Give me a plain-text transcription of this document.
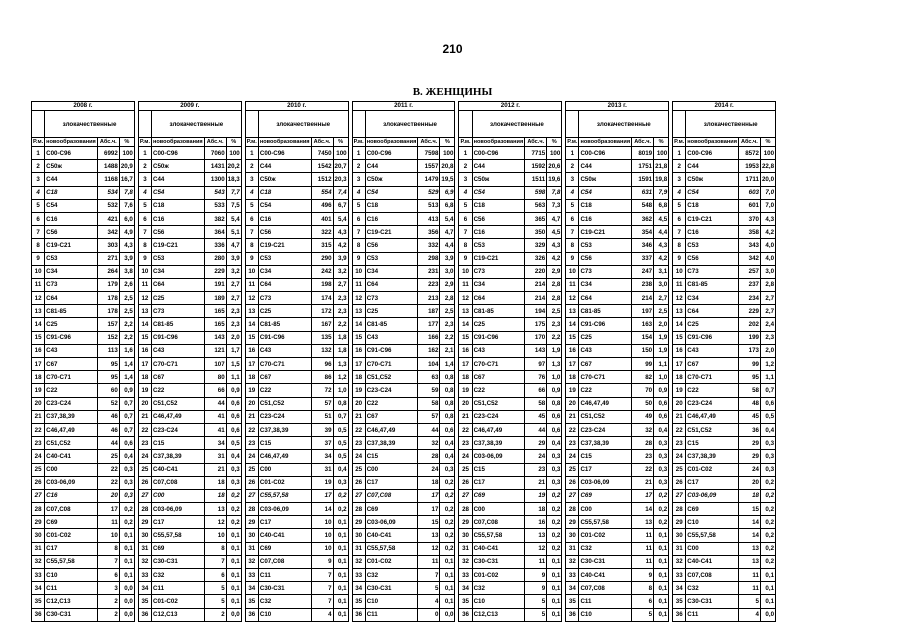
210
В. ЖЕНЩИНЫ
2008 г.					2009 г.					2010 г.					2011 г.					2012 г.					2013 г.					2014 г.			
	злокачественные					злокачественные					злокачественные					злокачественные					злокачественные					злокачественные					злокачественные		
Р.м.	новообразования	Абс.ч.	%		Р.м.	новообразования	Абс.ч.	%		Р.м.	новообразования	Абс.ч.	%		Р.м.	новообразования	Абс.ч.	%		Р.м.	новообразования	Абс.ч.	%		Р.м.	новообразования	Абс.ч.	%		Р.м.	новообразования	Абс.ч.	%
1	C00-C96	6992	100		1	C00-C96	7060	100		1	C00-C96	7450	100		1	C00-C96	7598	100		1	C00-C96	7715	100		1	C00-C96	8019	100		1	C00-C96	8572	100
2	C50ж	1488	20,9		2	C50ж	1431	20,2		2	C44	1542	20,7		2	C44	1557	20,8		2	C44	1592	20,6		2	C44	1751	21,8		2	C44	1953	22,8
3	C44	1168	16,7		3	C44	1300	18,3		3	C50ж	1512	20,3		3	C50ж	1479	19,5		3	C50ж	1511	19,6		3	C50ж	1591	19,8		3	C50ж	1711	20,0
4	C18	534	7,8		4	C54	543	7,7		4	C18	554	7,4		4	C54	529	6,9		4	C54	598	7,8		4	C54	631	7,9		4	C54	603	7,0
5	C54	532	7,6		5	C18	533	7,5		5	C54	496	6,7		5	C18	513	6,8		5	C18	563	7,3		5	C18	548	6,8		5	C18	601	7,0
6	C16	421	6,0		6	C16	382	5,4		6	C16	401	5,4		6	C16	413	5,4		6	C56	365	4,7		6	C16	362	4,5		6	C19-C21	370	4,3
7	C56	342	4,9		7	C56	364	5,1		7	C56	322	4,3		7	C19-C21	356	4,7		7	C16	350	4,5		7	C19-C21	354	4,4		7	C16	358	4,2
8	C19-C21	303	4,3		8	C19-C21	336	4,7		8	C19-C21	315	4,2		8	C56	332	4,4		8	C53	329	4,3		8	C53	346	4,3		8	C53	343	4,0
9	C53	271	3,9		9	C53	280	3,9		9	C53	290	3,9		9	C53	298	3,9		9	C19-C21	326	4,2		9	C56	337	4,2		9	C56	342	4,0
10	C34	264	3,8		10	C34	229	3,2		10	C34	242	3,2		10	C34	231	3,0		10	C73	220	2,9		10	C73	247	3,1		10	C73	257	3,0
11	C73	179	2,6		11	C64	191	2,7		11	C64	198	2,7		11	C64	223	2,9		11	C34	214	2,8		11	C34	238	3,0		11	C81-85	237	2,8
12	C64	178	2,5		12	C25	189	2,7		12	C73	174	2,3		12	C73	213	2,8		12	C64	214	2,8		12	C64	214	2,7		12	C34	234	2,7
13	C81-85	178	2,5		13	C73	165	2,3		13	C25	172	2,3		13	C25	187	2,5		13	C81-85	194	2,5		13	C81-85	197	2,5		13	C64	229	2,7
14	C25	157	2,2		14	C81-85	165	2,3		14	C81-85	167	2,2		14	C81-85	177	2,3		14	C25	175	2,3		14	C91-C96	163	2,0		14	C25	202	2,4
15	C91-C96	152	2,2		15	C91-C96	143	2,0		15	C91-C96	135	1,8		15	C43	166	2,2		15	C91-C96	170	2,2		15	C25	154	1,9		15	C91-C96	199	2,3
16	C43	113	1,6		16	C43	121	1,7		16	C43	132	1,8		16	C91-C96	162	2,1		16	C43	143	1,9		16	C43	150	1,9		16	C43	173	2,0
17	C67	95	1,4		17	C70-C71	107	1,5		17	C70-C71	96	1,3		17	C70-C71	104	1,4		17	C70-C71	97	1,3		17	C67	99	1,1		17	C67	99	1,2
18	C70-C71	95	1,4		18	C67	80	1,1		18	C67	86	1,2		18	C51,C52	63	0,8		18	C67	76	1,0		18	C70-C71	82	1,0		18	C70-C71	95	1,1
19	C22	60	0,9		19	C22	66	0,9		19	C22	72	1,0		19	C23-C24	59	0,8		19	C22	66	0,9		19	C22	70	0,9		19	C22	58	0,7
20	C23-C24	52	0,7		20	C51,C52	44	0,6		20	C51,C52	57	0,8		20	C22	58	0,8		20	C51,C52	58	0,8		20	C46,47,49	50	0,6		20	C23-C24	48	0,6
21	C37,38,39	46	0,7		21	C46,47,49	41	0,6		21	C23-C24	51	0,7		21	C67	57	0,8		21	C23-C24	45	0,6		21	C51,C52	49	0,6		21	C46,47,49	45	0,5
22	C46,47,49	46	0,7		22	C23-C24	41	0,6		22	C37,38,39	39	0,5		22	C46,47,49	44	0,6		22	C46,47,49	44	0,6		22	C23-C24	32	0,4		22	C51,C52	36	0,4
23	C51,C52	44	0,6		23	C15	34	0,5		23	C15	37	0,5		23	C37,38,39	32	0,4		23	C37,38,39	29	0,4		23	C37,38,39	28	0,3		23	C15	29	0,3
24	C40-C41	25	0,4		24	C37,38,39	31	0,4		24	C46,47,49	34	0,5		24	C15	28	0,4		24	C03-06,09	24	0,3		24	C15	23	0,3		24	C37,38,39	29	0,3
25	C00	22	0,3		25	C40-C41	21	0,3		25	C00	31	0,4		25	C00	24	0,3		25	C15	23	0,3		25	C17	22	0,3		25	C01-C02	24	0,3
26	C03-06,09	22	0,3		26	C07,C08	18	0,3		26	C01-C02	19	0,3		26	C17	18	0,2		26	C17	21	0,3		26	C03-06,09	21	0,3		26	C17	20	0,2
27	C16	20	0,3		27	C00	18	0,2		27	C55,57,58	17	0,2		27	C07,C08	17	0,2		27	C69	19	0,2		27	C69	17	0,2		27	C03-06,09	18	0,2
28	C07,C08	17	0,2		28	C03-06,09	13	0,2		28	C03-06,09	14	0,2		28	C69	17	0,2		28	C00	18	0,2		28	C00	14	0,2		28	C69	15	0,2
29	C69	11	0,2		29	C17	12	0,2		29	C17	10	0,1		29	C03-06,09	15	0,2		29	C07,C08	16	0,2		29	C55,57,58	13	0,2		29	C10	14	0,2
30	C01-C02	10	0,1		30	C55,57,58	10	0,1		30	C40-C41	10	0,1		30	C40-C41	13	0,2		30	C55,57,58	13	0,2		30	C01-C02	11	0,1		30	C55,57,58	14	0,2
31	C17	8	0,1		31	C69	8	0,1		31	C69	10	0,1		31	C55,57,58	12	0,2		31	C40-C41	12	0,2		31	C32	11	0,1		31	C00	13	0,2
32	C55,57,58	7	0,1		32	C30-C31	7	0,1		32	C07,C08	9	0,1		32	C01-C02	11	0,1		32	C30-C31	11	0,1		32	C30-C31	11	0,1		32	C40-C41	13	0,2
33	C10	6	0,1		33	C32	6	0,1		33	C11	7	0,1		33	C32	7	0,1		33	C01-C02	9	0,1		33	C40-C41	9	0,1		33	C07,C08	11	0,1
34	C11	3	0,0		34	C11	5	0,1		34	C30-C31	7	0,1		34	C30-C31	5	0,1		34	C32	9	0,1		34	C07,C08	8	0,1		34	C32	11	0,1
35	C12,C13	2	0,0		35	C01-C02	5	0,1		35	C32	7	0,1		35	C10	4	0,1		35	C10	5	0,1		35	C11	6	0,1		35	C30-C31	5	0,1
36	C30-C31	2	0,0		36	C12,C13	2	0,0		36	C10	4	0,1		36	C11	0	0,0		36	C12,C13	5	0,1		36	C10	5	0,1		36	C11	4	0,0
